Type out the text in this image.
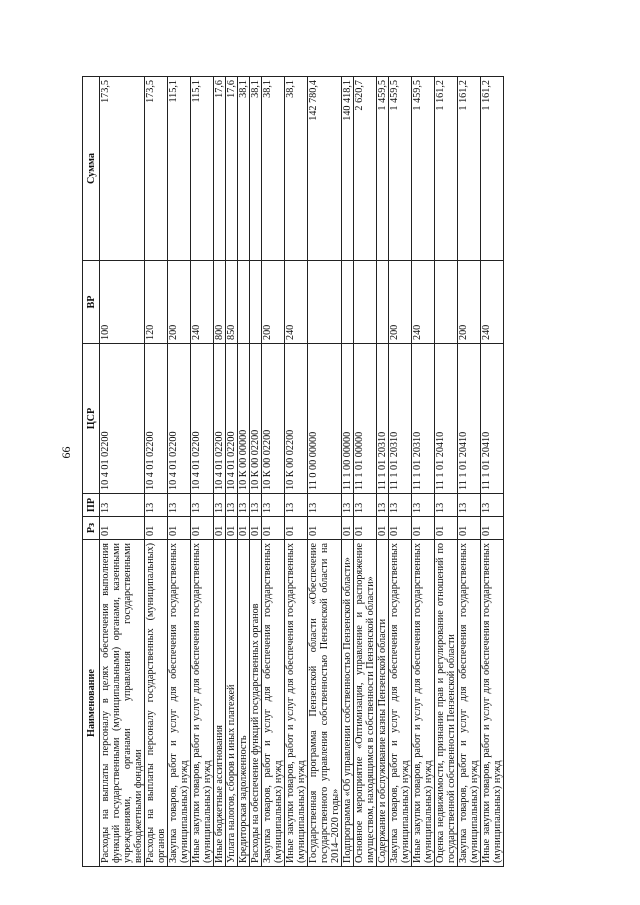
99
Наименование	Рз	ПР	ЦСР	ВР	Сумма
Расходы на выплаты персоналу в целях обеспечения выполнения функций государственными (муниципальными) органами, казенными учреждениями, органами управления государственными внебюджетными фондами	01	13	10 4 01 02200	100	173,5
Расходы на выплаты персоналу государственных (муниципальных) органов	01	13	10 4 01 02200	120	173,5
Закупка товаров, работ и услуг для обеспечения государственных (муниципальных) нужд	01	13	10 4 01 02200	200	115,1
Иные закупки товаров, работ и услуг для обеспечения государственных (муниципальных) нужд	01	13	10 4 01 02200	240	115,1
Иные бюджетные ассигнования	01	13	10 4 01 02200	800	17,6
Уплата налогов, сборов и иных платежей	01	13	10 4 01 02200	850	17,6
Кредиторская задолженность	01	13	10 К 00 00000		38,1
Расходы на обеспечение функций государственных органов	01	13	10 К 00 02200		38,1
Закупка товаров, работ и услуг для обеспечения государственных (муниципальных) нужд	01	13	10 К 00 02200	200	38,1
Иные закупки товаров, работ и услуг для обеспечения государственных (муниципальных) нужд	01	13	10 К 00 02200	240	38,1
Государственная программа Пензенской области «Обеспечение государственного управления собственностью Пензенской области на 2014–2020 годы»	01	13	11 0 00 00000		142 780,4
Подпрограмма «Об управлении собственностью Пензенской области»	01	13	11 1 00 00000		140 418,1
Основное мероприятие «Оптимизация, управление и распоряжение имуществом, находящимся в собственности Пензенской области»	01	13	11 1 01 00000		2 620,7
Содержание и обслуживание казны Пензенской области	01	13	11 1 01 20310		1 459,5
Закупка товаров, работ и услуг для обеспечения государственных (муниципальных) нужд	01	13	11 1 01 20310	200	1 459,5
Иные закупки товаров, работ и услуг для обеспечения государственных (муниципальных) нужд	01	13	11 1 01 20310	240	1 459,5
Оценка недвижимости, признание прав и регулирование отношений по государственной собственности Пензенской области	01	13	11 1 01 20410		1 161,2
Закупка товаров, работ и услуг для обеспечения государственных (муниципальных) нужд	01	13	11 1 01 20410	200	1 161,2
Иные закупки товаров, работ и услуг для обеспечения государственных (муниципальных) нужд	01	13	11 1 01 20410	240	1 161,2
